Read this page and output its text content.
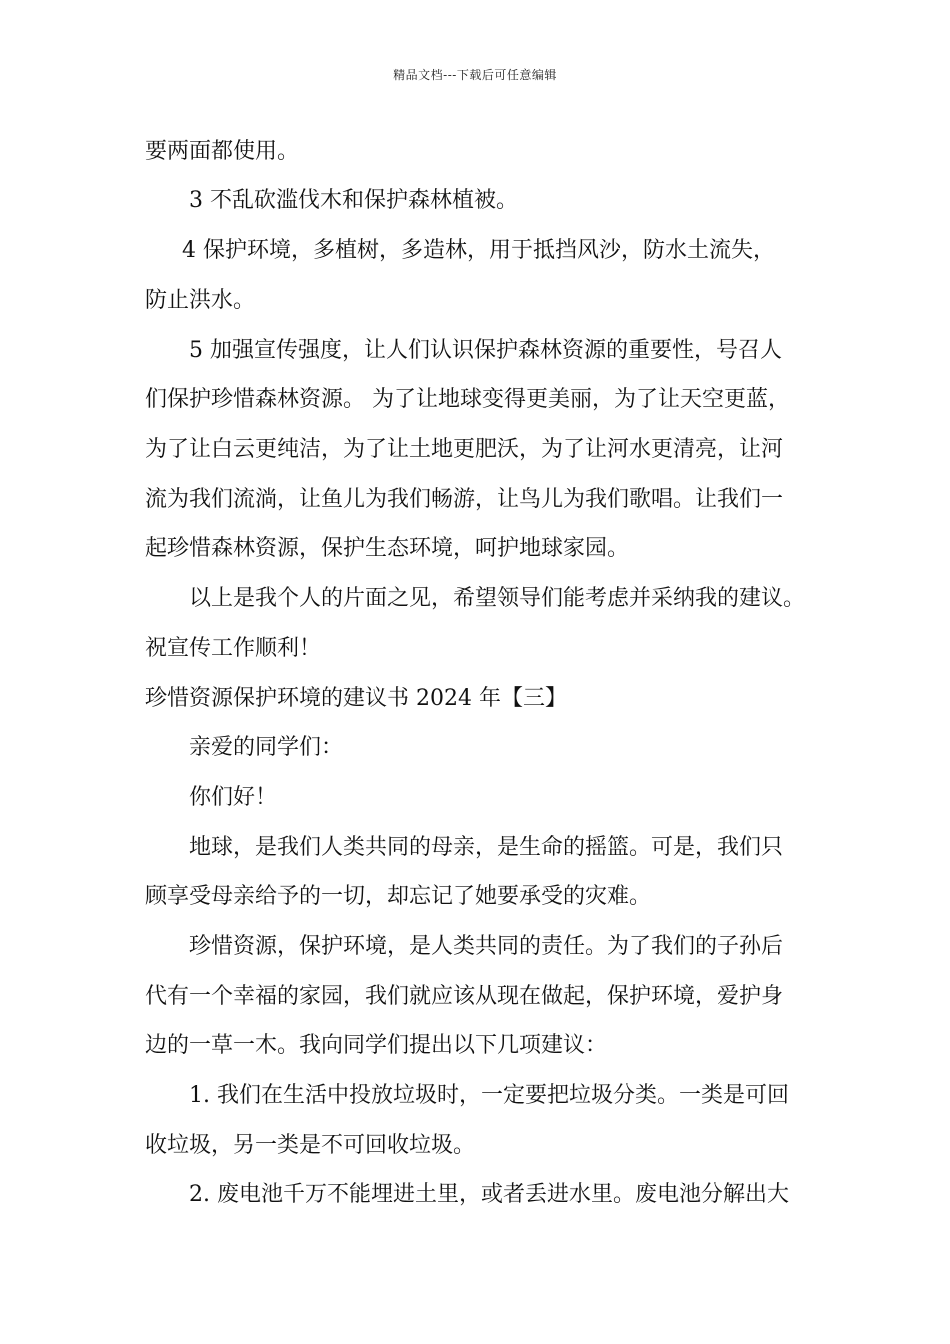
精品文档---下载后可任意编辑
要两面都使用。
3 不乱砍滥伐木和保护森林植被。
4 保护环境，多植树，多造林，用于抵挡风沙，防水土流失，
防止洪水。
5 加强宣传强度，让人们认识保护森林资源的重要性，号召人
们保护珍惜森林资源。 为了让地球变得更美丽，为了让天空更蓝，
为了让白云更纯洁，为了让土地更肥沃，为了让河水更清亮，让河
流为我们流淌，让鱼儿为我们畅游，让鸟儿为我们歌唱。让我们一
起珍惜森林资源，保护生态环境，呵护地球家园。
以上是我个人的片面之见，希望领导们能考虑并采纳我的建议。
祝宣传工作顺利！
珍惜资源保护环境的建议书 2024 年【三】
亲爱的同学们：
你们好！
地球，是我们人类共同的母亲，是生命的摇篮。可是，我们只
顾享受母亲给予的一切，却忘记了她要承受的灾难。
珍惜资源，保护环境，是人类共同的责任。为了我们的子孙后
代有一个幸福的家园，我们就应该从现在做起，保护环境，爱护身
边的一草一木。我向同学们提出以下几项建议：
1. 我们在生活中投放垃圾时，一定要把垃圾分类。一类是可回
收垃圾，另一类是不可回收垃圾。
2. 废电池千万不能埋进土里，或者丢进水里。废电池分解出大
